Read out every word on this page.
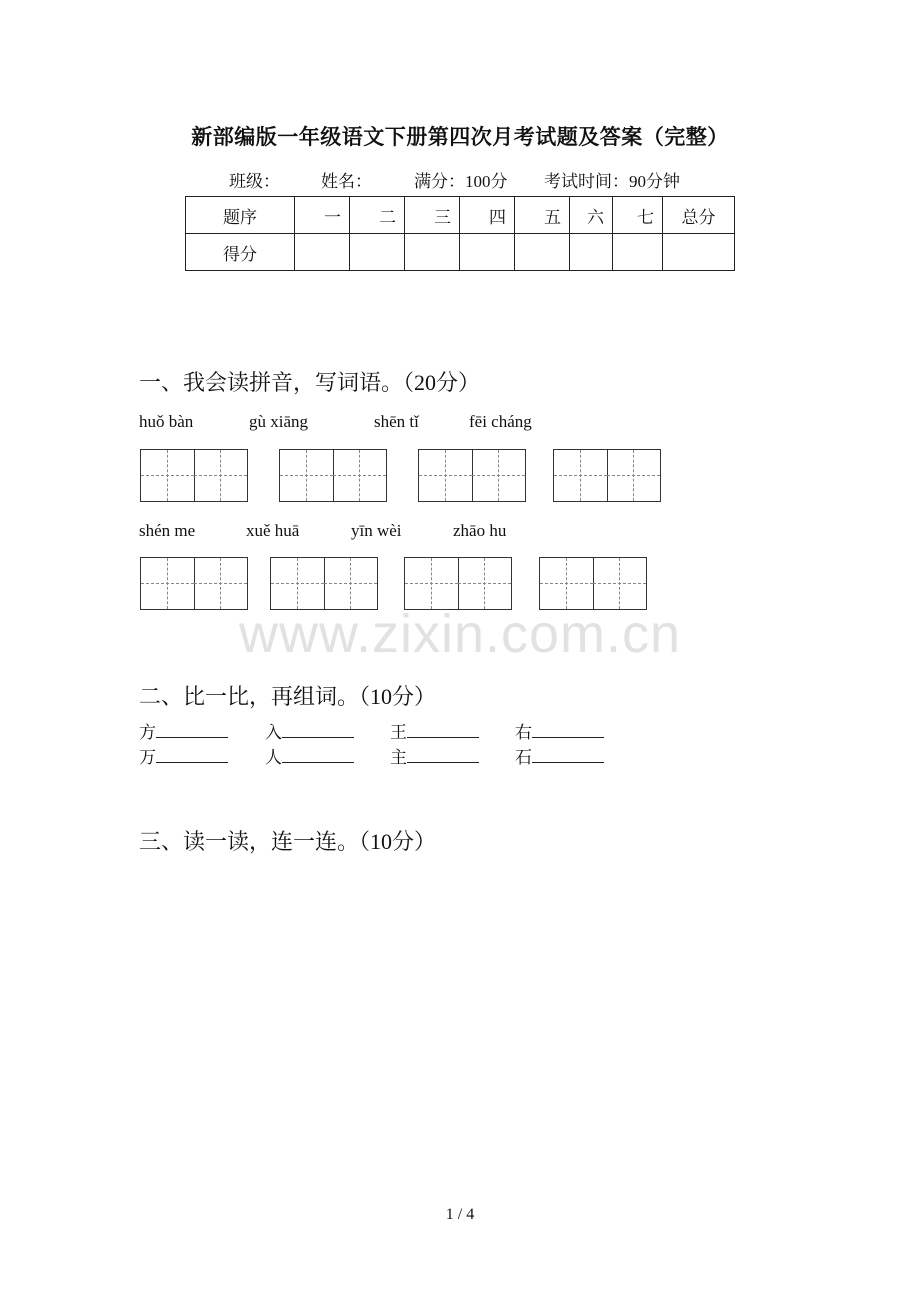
新部编版一年级语文下册第四次月考试题及答案（完整）
班级： 姓名： 满分：100分 考试时间：90分钟
题序	一	二	三	四	五	六	七	总分
得分								
一、我会读拼音，写词语。（20分）
huǒ bàn	gù xiāng	shēn tǐ	fēi cháng
shén me	xuě huā	yīn wèi	zhāo hu
www.zixin.com.cn
二、比一比，再组词。（10分）
方	入	王	右
万	人	主	石
三、读一读，连一连。（10分）
1 / 4
